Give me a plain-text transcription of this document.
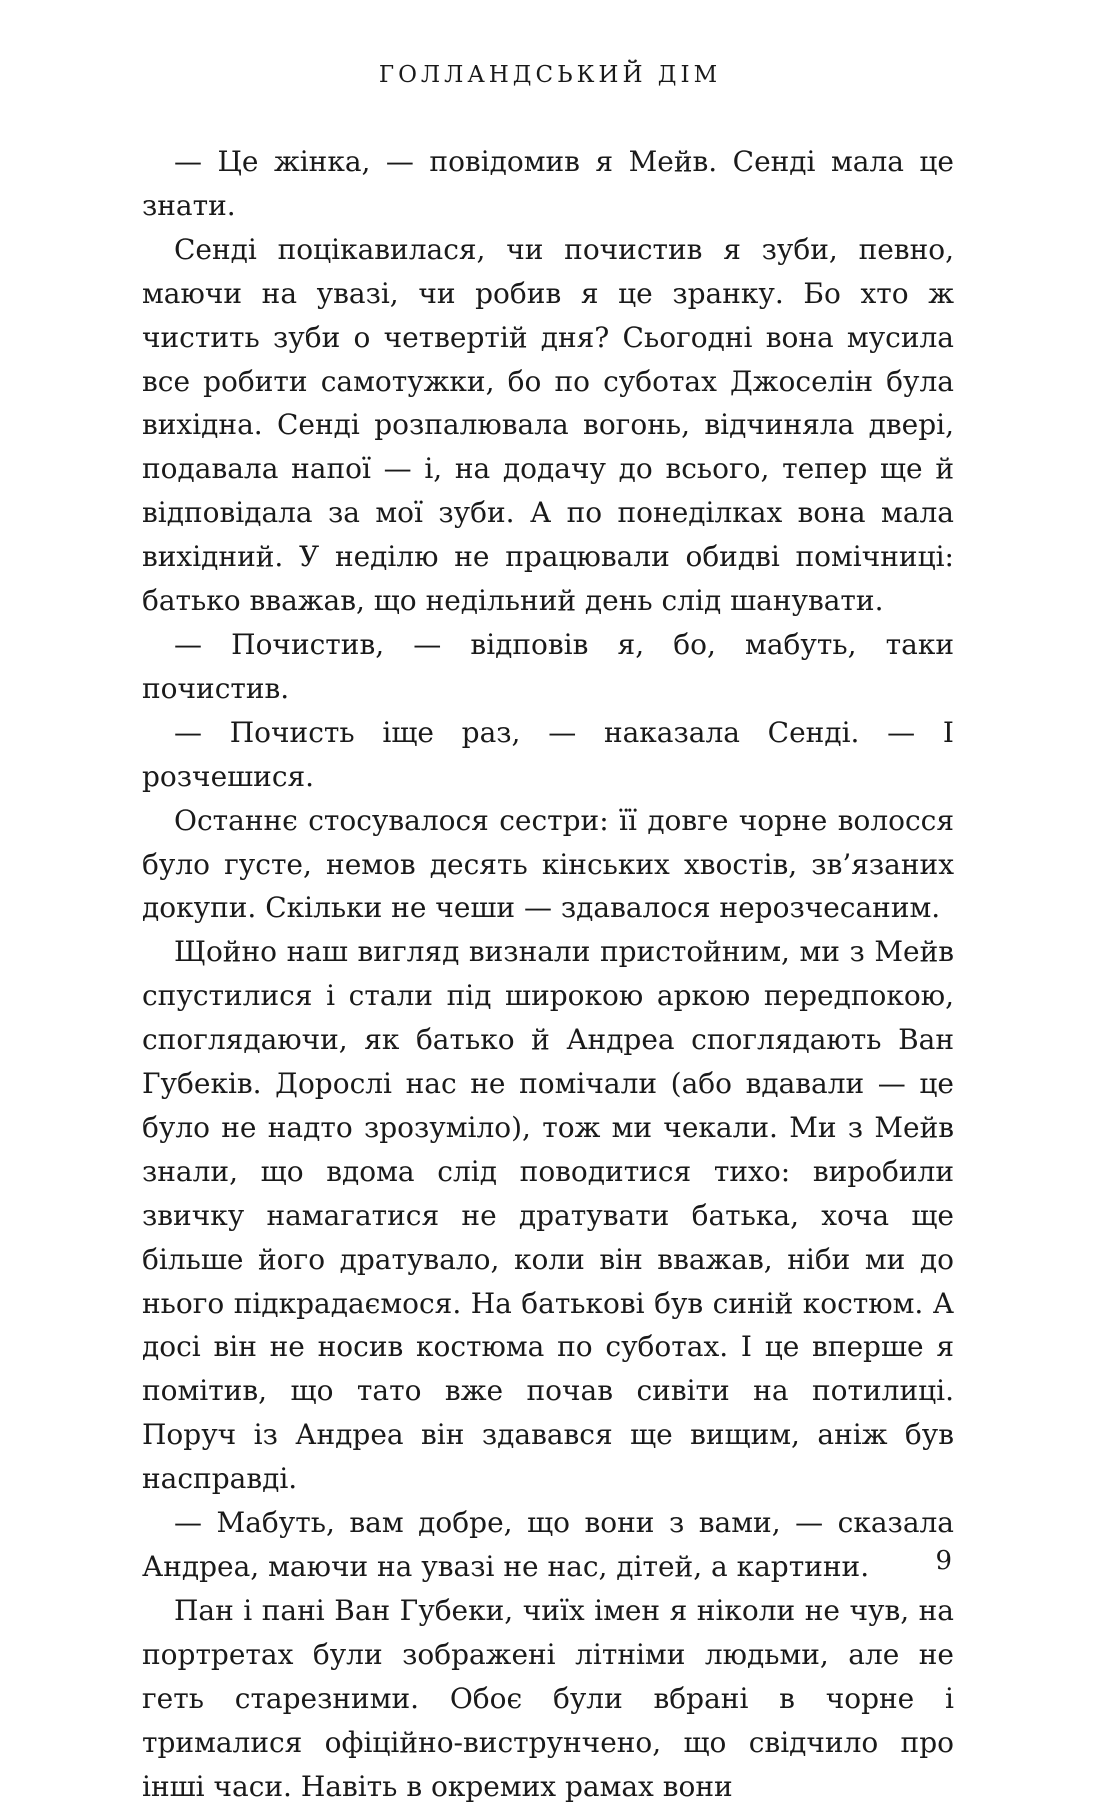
ГОЛЛАНДСЬКИЙ ДІМ

— Це жінка, — повідомив я Мейв. Сенді мала це знати.

Сенді поцікавилася, чи почистив я зуби, певно, маючи на увазі, чи робив я це зранку. Бо хто ж чистить зуби о четвертій дня? Сьогодні вона мусила все робити самотужки, бо по суботах Джоселін була вихідна. Сенді розпалювала вогонь, відчиняла двері, подавала напої — і, на додачу до всього, тепер ще й відповідала за мої зуби. А по понеділках вона мала вихідний. У неділю не працювали обидві помічниці: батько вважав, що недільний день слід шанувати.

— Почистив, — відповів я, бо, мабуть, таки почистив.

— Почисть іще раз, — наказала Сенді. — І розчешися.

Останнє стосувалося сестри: її довге чорне волосся було густе, немов десять кінських хвостів, зв’язаних докупи. Скільки не чеши — здавалося нерозчесаним.

Щойно наш вигляд визнали пристойним, ми з Мейв спустилися і стали під широкою аркою передпокою, споглядаючи, як батько й Андреа споглядають Ван Губеків. Дорослі нас не помічали (або вдавали — це було не надто зрозуміло), тож ми чекали. Ми з Мейв знали, що вдома слід поводитися тихо: виробили звичку намагатися не дратувати батька, хоча ще більше його дратувало, коли він вважав, ніби ми до нього підкрадаємося. На батькові був синій костюм. А досі він не носив костюма по суботах. І це вперше я помітив, що тато вже почав сивіти на потилиці. Поруч із Андреа він здавався ще вищим, аніж був насправді.

— Мабуть, вам добре, що вони з вами, — сказала Андреа, маючи на увазі не нас, дітей, а картини.

Пан і пані Ван Губеки, чиїх імен я ніколи не чув, на портретах були зображені літніми людьми, але не геть старезними. Обоє були вбрані в чорне і трималися офіційно-виструнчено, що свідчило про інші часи. Навіть в окремих рамах вони

9
